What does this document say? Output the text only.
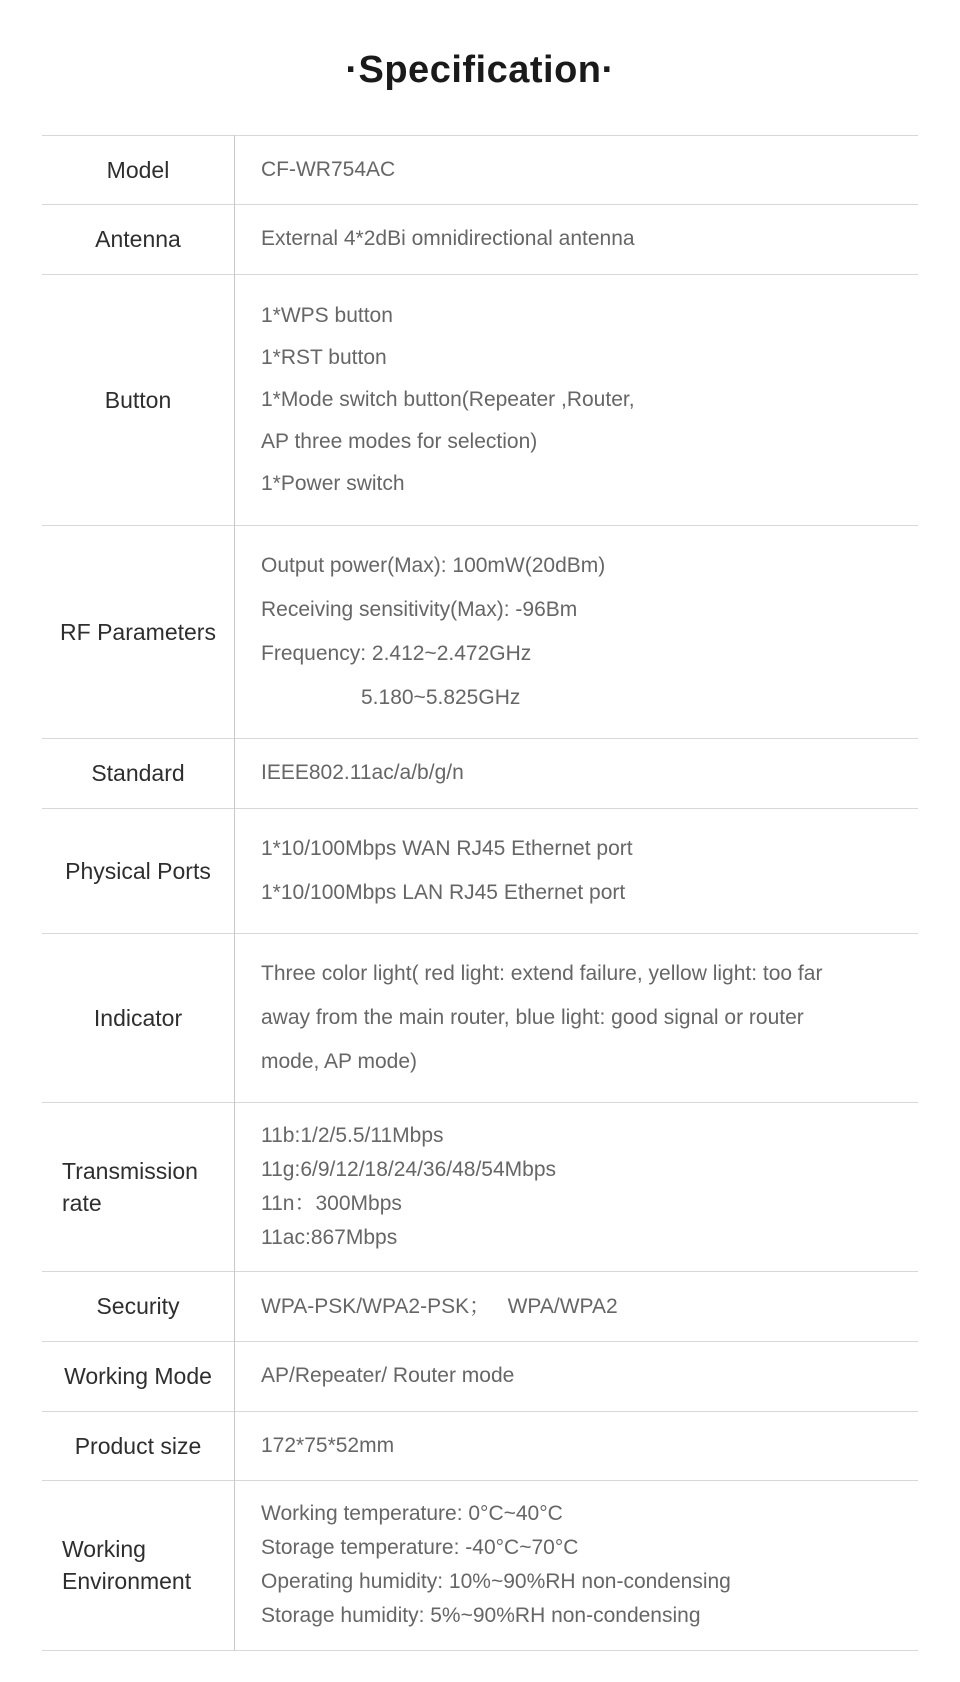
·Specification·
Model	CF-WR754AC

Antenna	External 4*2dBi omnidirectional antenna

Button	1*WPS button
1*RST button
1*Mode switch button(Repeater ,Router,
AP three modes for selection)
1*Power switch

RF Parameters	Output power(Max): 100mW(20dBm)
Receiving sensitivity(Max): -96Bm
Frequency: 2.412~2.472GHz
5.180~5.825GHz

Standard	IEEE802.11ac/a/b/g/n

Physical Ports	1*10/100Mbps WAN RJ45 Ethernet port
1*10/100Mbps LAN RJ45 Ethernet port

Indicator	Three color light( red light: extend failure, yellow light: too far
away from the main router, blue light: good signal or router
mode, AP mode)

Transmission rate	11b:1/2/5.5/11Mbps
11g:6/9/12/18/24/36/48/54Mbps
11n：300Mbps
11ac:867Mbps

Security	WPA-PSK/WPA2-PSK；   WPA/WPA2

Working Mode	AP/Repeater/ Router mode

Product size	172*75*52mm

Working Environment	Working temperature: 0°C~40°C
Storage temperature: -40°C~70°C
Operating humidity: 10%~90%RH non-condensing
Storage humidity: 5%~90%RH non-condensing
